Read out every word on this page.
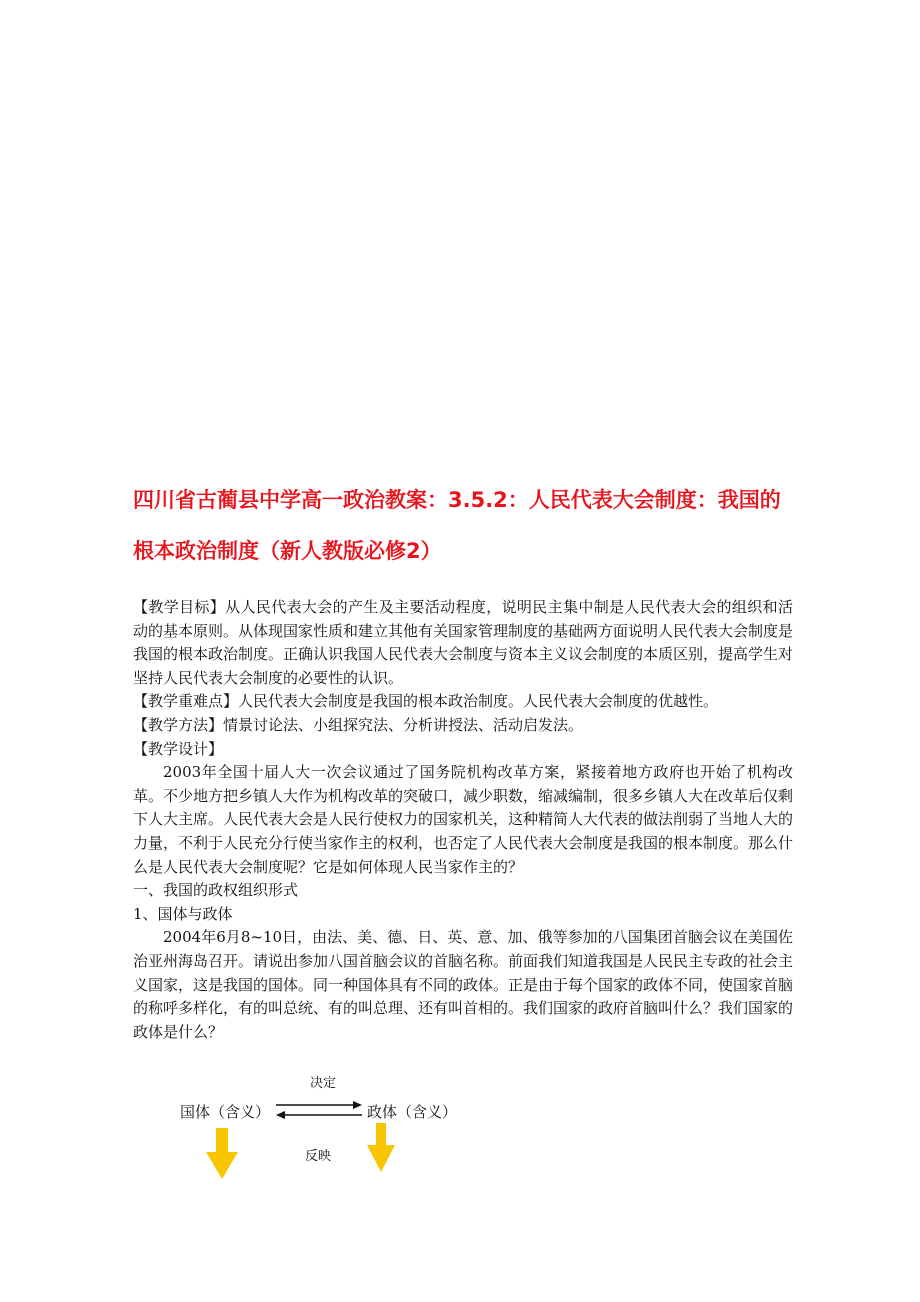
四川省古蔺县中学高一政治教案：3.5.2：人民代表大会制度：我国的
根本政治制度（新人教版必修2）

【教学目标】从人民代表大会的产生及主要活动程度，说明民主集中制是人民代表大会的组织和活动的基本原则。从体现国家性质和建立其他有关国家管理制度的基础两方面说明人民代表大会制度是我国的根本政治制度。正确认识我国人民代表大会制度与资本主义议会制度的本质区别，提高学生对坚持人民代表大会制度的必要性的认识。

【教学重难点】人民代表大会制度是我国的根本政治制度。人民代表大会制度的优越性。

【教学方法】情景讨论法、小组探究法、分析讲授法、活动启发法。

【教学设计】

2003年全国十届人大一次会议通过了国务院机构改革方案，紧接着地方政府也开始了机构改革。不少地方把乡镇人大作为机构改革的突破口，减少职数，缩减编制，很多乡镇人大在改革后仅剩下人大主席。人民代表大会是人民行使权力的国家机关，这种精简人大代表的做法削弱了当地人大的力量，不利于人民充分行使当家作主的权利，也否定了人民代表大会制度是我国的根本制度。那么什么是人民代表大会制度呢？它是如何体现人民当家作主的？

一、我国的政权组织形式

1、国体与政体

2004年6月8~10日，由法、美、德、日、英、意、加、俄等参加的八国集团首脑会议在美国佐治亚州海岛召开。请说出参加八国首脑会议的首脑名称。前面我们知道我国是人民民主专政的社会主义国家，这是我国的国体。同一种国体具有不同的政体。正是由于每个国家的政体不同，使国家首脑的称呼多样化，有的叫总统、有的叫总理、还有叫首相的。我们国家的政府首脑叫什么？我们国家的政体是什么？

决定
国体（含义）	政体（含义）
反映
